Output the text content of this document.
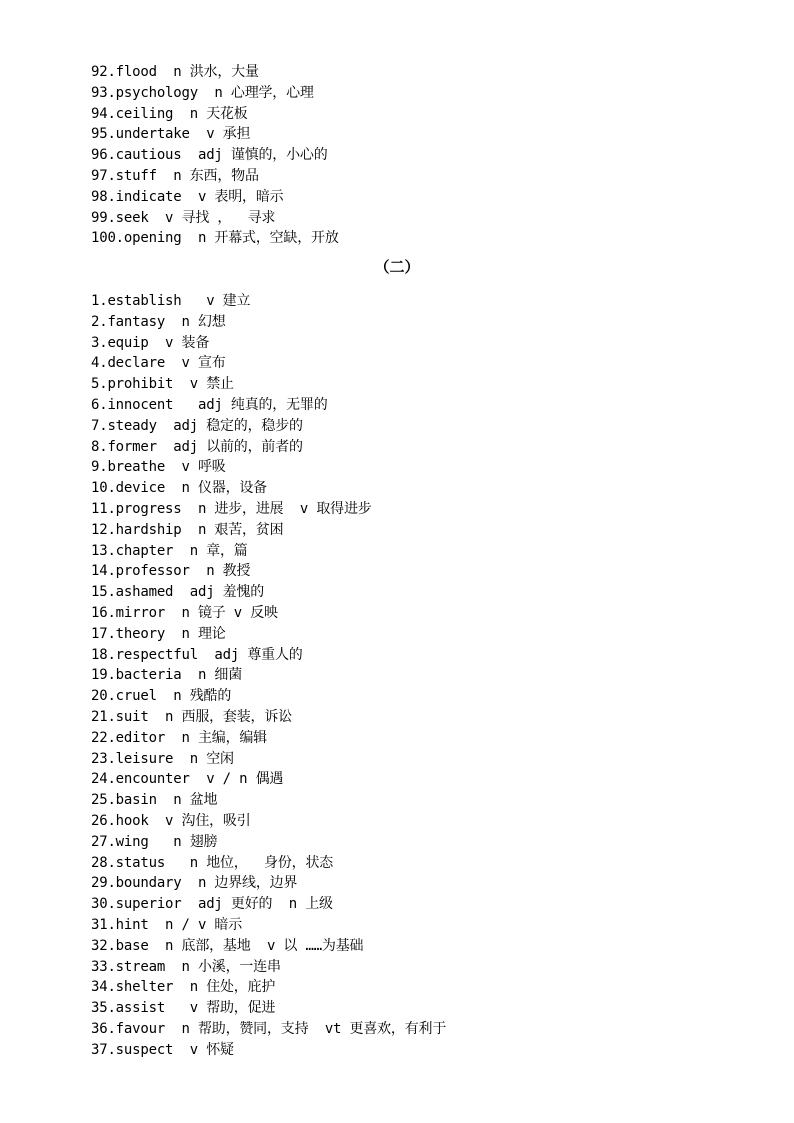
92.flood  n 洪水，大量
93.psychology  n 心理学，心理
94.ceiling  n 天花板
95.undertake  v 承担
96.cautious  adj 谨慎的，小心的
97.stuff  n 东西，物品
98.indicate  v 表明，暗示
99.seek  v 寻找 ，  寻求
100.opening  n 开幕式，空缺，开放
（二）
1.establish   v 建立
2.fantasy  n 幻想
3.equip  v 装备
4.declare  v 宣布
5.prohibit  v 禁止
6.innocent   adj 纯真的，无罪的
7.steady  adj 稳定的，稳步的
8.former  adj 以前的，前者的
9.breathe  v 呼吸
10.device  n 仪器，设备
11.progress  n 进步，进展  v 取得进步
12.hardship  n 艰苦，贫困
13.chapter  n 章，篇
14.professor  n 教授
15.ashamed  adj 羞愧的
16.mirror  n 镜子 v 反映
17.theory  n 理论
18.respectful  adj 尊重人的
19.bacteria  n 细菌
20.cruel  n 残酷的
21.suit  n 西服，套装，诉讼
22.editor  n 主编，编辑
23.leisure  n 空闲
24.encounter  v / n 偶遇
25.basin  n 盆地
26.hook  v 沟住，吸引
27.wing   n 翅膀
28.status   n 地位，  身份，状态
29.boundary  n 边界线，边界
30.superior  adj 更好的  n 上级
31.hint  n / v 暗示
32.base  n 底部，基地  v 以 ……为基础
33.stream  n 小溪，一连串
34.shelter  n 住处，庇护
35.assist   v 帮助，促进
36.favour  n 帮助，赞同，支持  vt 更喜欢，有利于
37.suspect  v 怀疑
